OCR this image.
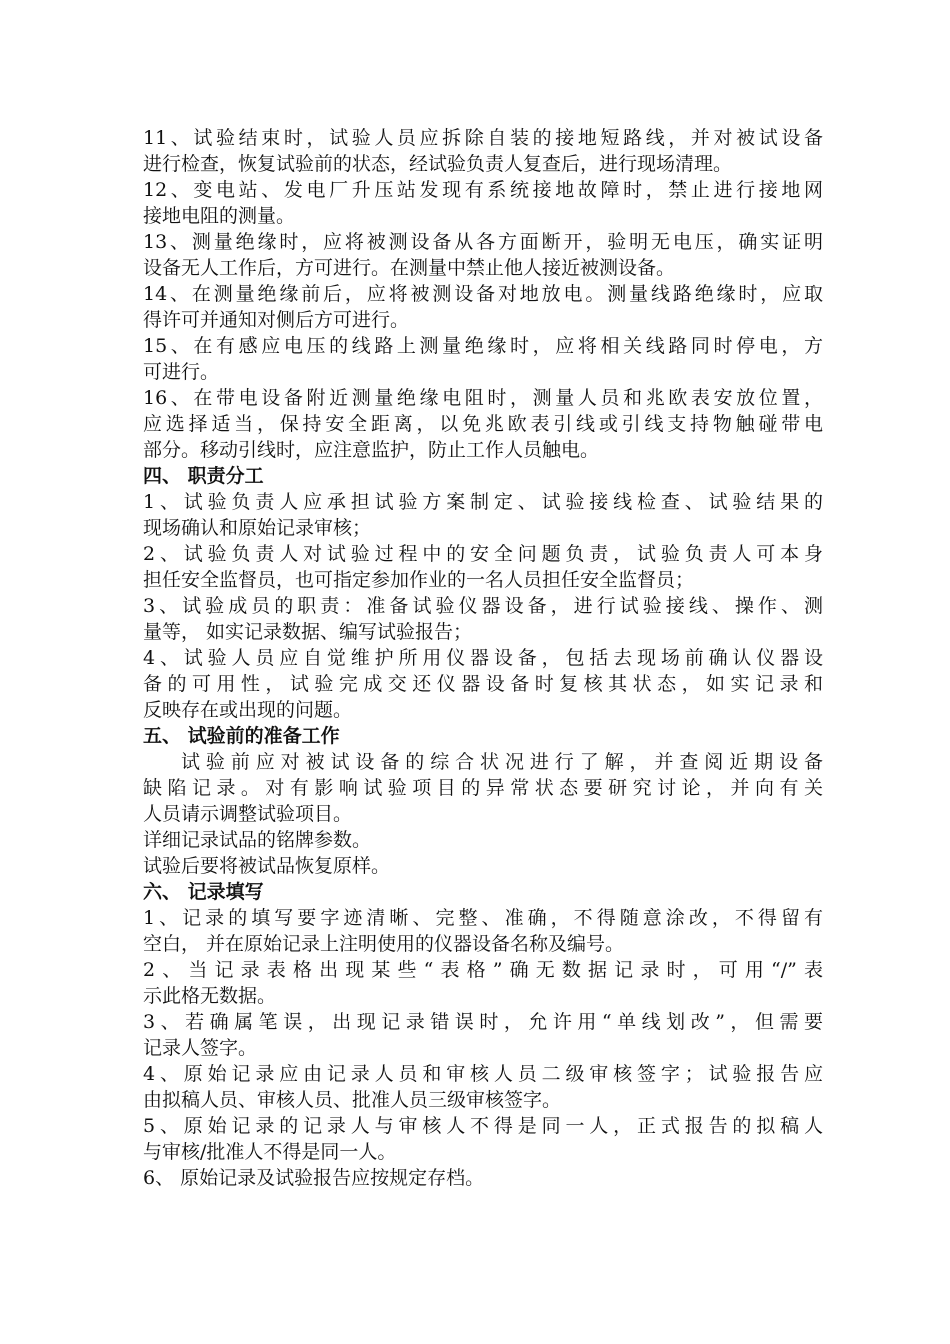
11、试验结束时，试验人员应拆除自装的接地短路线，并对被试设备
进行检查，恢复试验前的状态，经试验负责人复查后，进行现场清理。
12、变电站、发电厂升压站发现有系统接地故障时，禁止进行接地网
接地电阻的测量。
13、测量绝缘时，应将被测设备从各方面断开，验明无电压，确实证明
设备无人工作后，方可进行。在测量中禁止他人接近被测设备。
14、在测量绝缘前后，应将被测设备对地放电。测量线路绝缘时，应取
得许可并通知对侧后方可进行。
15、在有感应电压的线路上测量绝缘时，应将相关线路同时停电，方
可进行。
16、在带电设备附近测量绝缘电阻时，测量人员和兆欧表安放位置，
应选择适当，保持安全距离，以免兆欧表引线或引线支持物触碰带电
部分。移动引线时，应注意监护，防止工作人员触电。
四、 职责分工
1、试验负责人应承担试验方案制定、试验接线检查、试验结果的
现场确认和原始记录审核；
2、试验负责人对试验过程中的安全问题负责，试验负责人可本身
担任安全监督员，也可指定参加作业的一名人员担任安全监督员；
3、试验成员的职责：准备试验仪器设备，进行试验接线、操作、测
量等， 如实记录数据、编写试验报告；
4、试验人员应自觉维护所用仪器设备，包括去现场前确认仪器设
备的可用性，试验完成交还仪器设备时复核其状态，如实记录和
反映存在或出现的问题。
五、 试验前的准备工作
试验前应对被试设备的综合状况进行了解，并查阅近期设备
缺陷记录。对有影响试验项目的异常状态要研究讨论，并向有关
人员请示调整试验项目。
详细记录试品的铭牌参数。
试验后要将被试品恢复原样。
六、 记录填写
1、记录的填写要字迹清晰、完整、准确，不得随意涂改，不得留有
空白， 并在原始记录上注明使用的仪器设备名称及编号。
2、当记录表格出现某些“表格”确无数据记录时，可用“/”表
示此格无数据。
3、若确属笔误，出现记录错误时，允许用“单线划改”，但需要
记录人签字。
4、原始记录应由记录人员和审核人员二级审核签字；试验报告应
由拟稿人员、审核人员、批准人员三级审核签字。
5、原始记录的记录人与审核人不得是同一人，正式报告的拟稿人
与审核/批准人不得是同一人。
6、 原始记录及试验报告应按规定存档。
